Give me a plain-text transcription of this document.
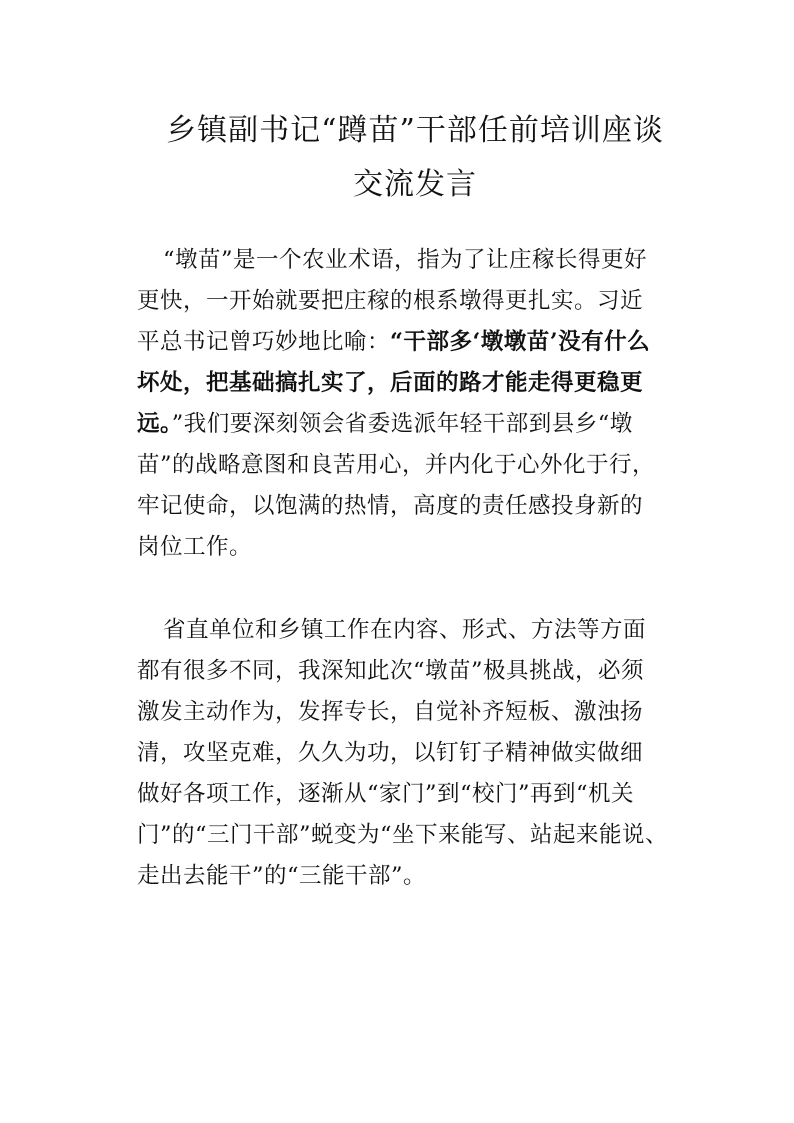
乡镇副书记“蹲苗”干部任前培训座谈
交流发言
“墩苗”是一个农业术语，指为了让庄稼长得更好
更快，一开始就要把庄稼的根系墩得更扎实。习近
平总书记曾巧妙地比喻：“干部多‘墩墩苗’没有什么
坏处，把基础搞扎实了，后面的路才能走得更稳更
远。”我们要深刻领会省委选派年轻干部到县乡“墩
苗”的战略意图和良苦用心，并内化于心外化于行，
牢记使命，以饱满的热情，高度的责任感投身新的
岗位工作。
省直单位和乡镇工作在内容、形式、方法等方面
都有很多不同，我深知此次“墩苗”极具挑战，必须
激发主动作为，发挥专长，自觉补齐短板、激浊扬
清，攻坚克难，久久为功，以钉钉子精神做实做细
做好各项工作，逐渐从“家门”到“校门”再到“机关
门”的“三门干部”蜕变为“坐下来能写、站起来能说、
走出去能干”的“三能干部”。
